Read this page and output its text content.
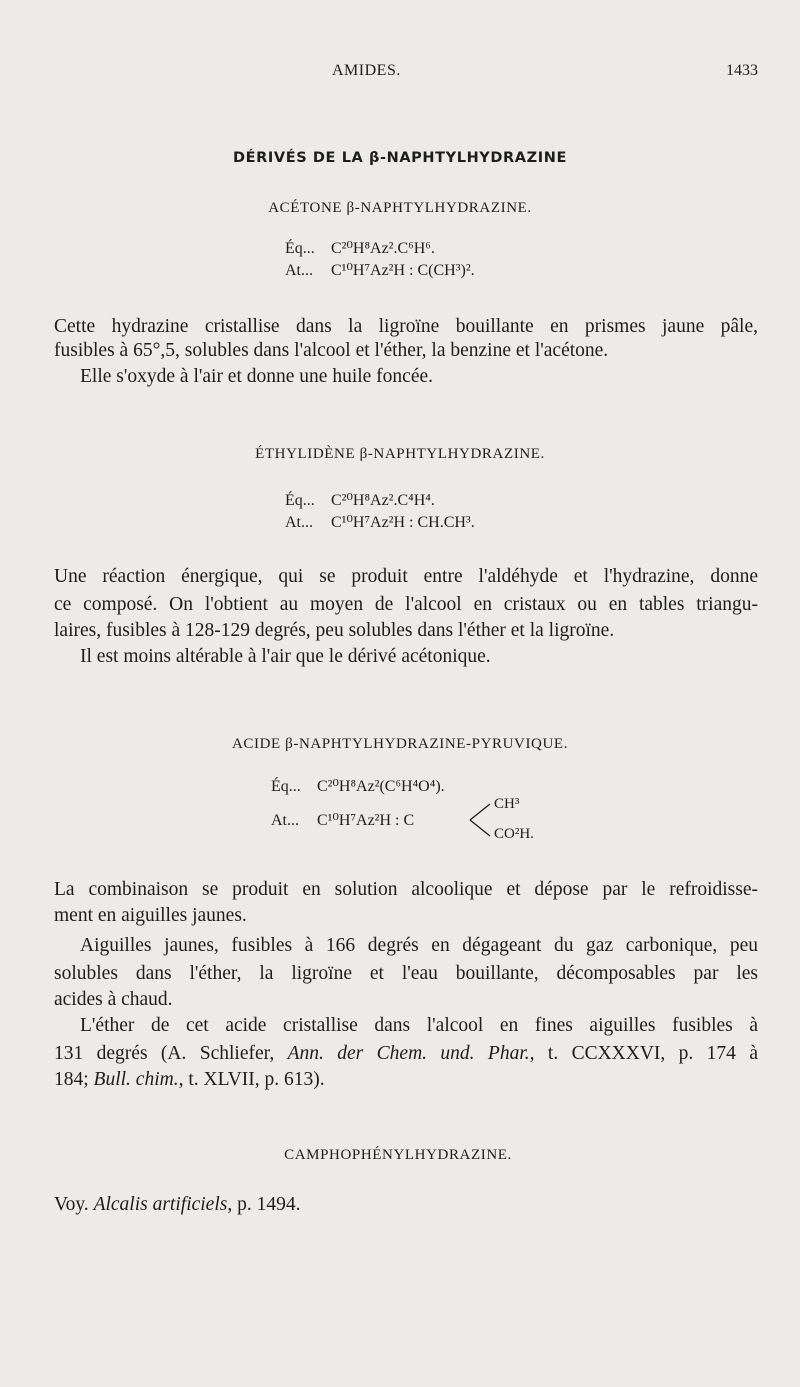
AMIDES.	1433
DÉRIVÉS DE LA β-NAPHTYLHYDRAZINE
ACÉTONE β-NAPHTYLHYDRAZINE.
Éq... C²⁰H⁸Az².C⁶H⁶.
At... C¹⁰H⁷Az²H : C(CH³)².
Cette hydrazine cristallise dans la ligroïne bouillante en prismes jaune pâle,
fusibles à 65°,5, solubles dans l'alcool et l'éther, la benzine et l'acétone.
Elle s'oxyde à l'air et donne une huile foncée.
ÉTHYLIDÈNE β-NAPHTYLHYDRAZINE.
Éq... C²⁰H⁸Az².C⁴H⁴.
At... C¹⁰H⁷Az²H : CH.CH³.
Une réaction énergique, qui se produit entre l'aldéhyde et l'hydrazine, donne
ce composé. On l'obtient au moyen de l'alcool en cristaux ou en tables triangu-
laires, fusibles à 128-129 degrés, peu solubles dans l'éther et la ligroïne.
Il est moins altérable à l'air que le dérivé acétonique.
ACIDE β-NAPHTYLHYDRAZINE-PYRUVIQUE.
Éq... C²⁰H⁸Az²(C⁶H⁴O⁴).
At... C¹⁰H⁷Az²H : C
CH³
CO²H.
La combinaison se produit en solution alcoolique et dépose par le refroidisse-
ment en aiguilles jaunes.
Aiguilles jaunes, fusibles à 166 degrés en dégageant du gaz carbonique, peu
solubles dans l'éther, la ligroïne et l'eau bouillante, décomposables par les
acides à chaud.
L'éther de cet acide cristallise dans l'alcool en fines aiguilles fusibles à
131 degrés (A. Schliefer, Ann. der Chem. und. Phar., t. CCXXXVI, p. 174 à
184; Bull. chim., t. XLVII, p. 613).
CAMPHOPHÉNYLHYDRAZINE.
Voy. Alcalis artificiels, p. 1494.
